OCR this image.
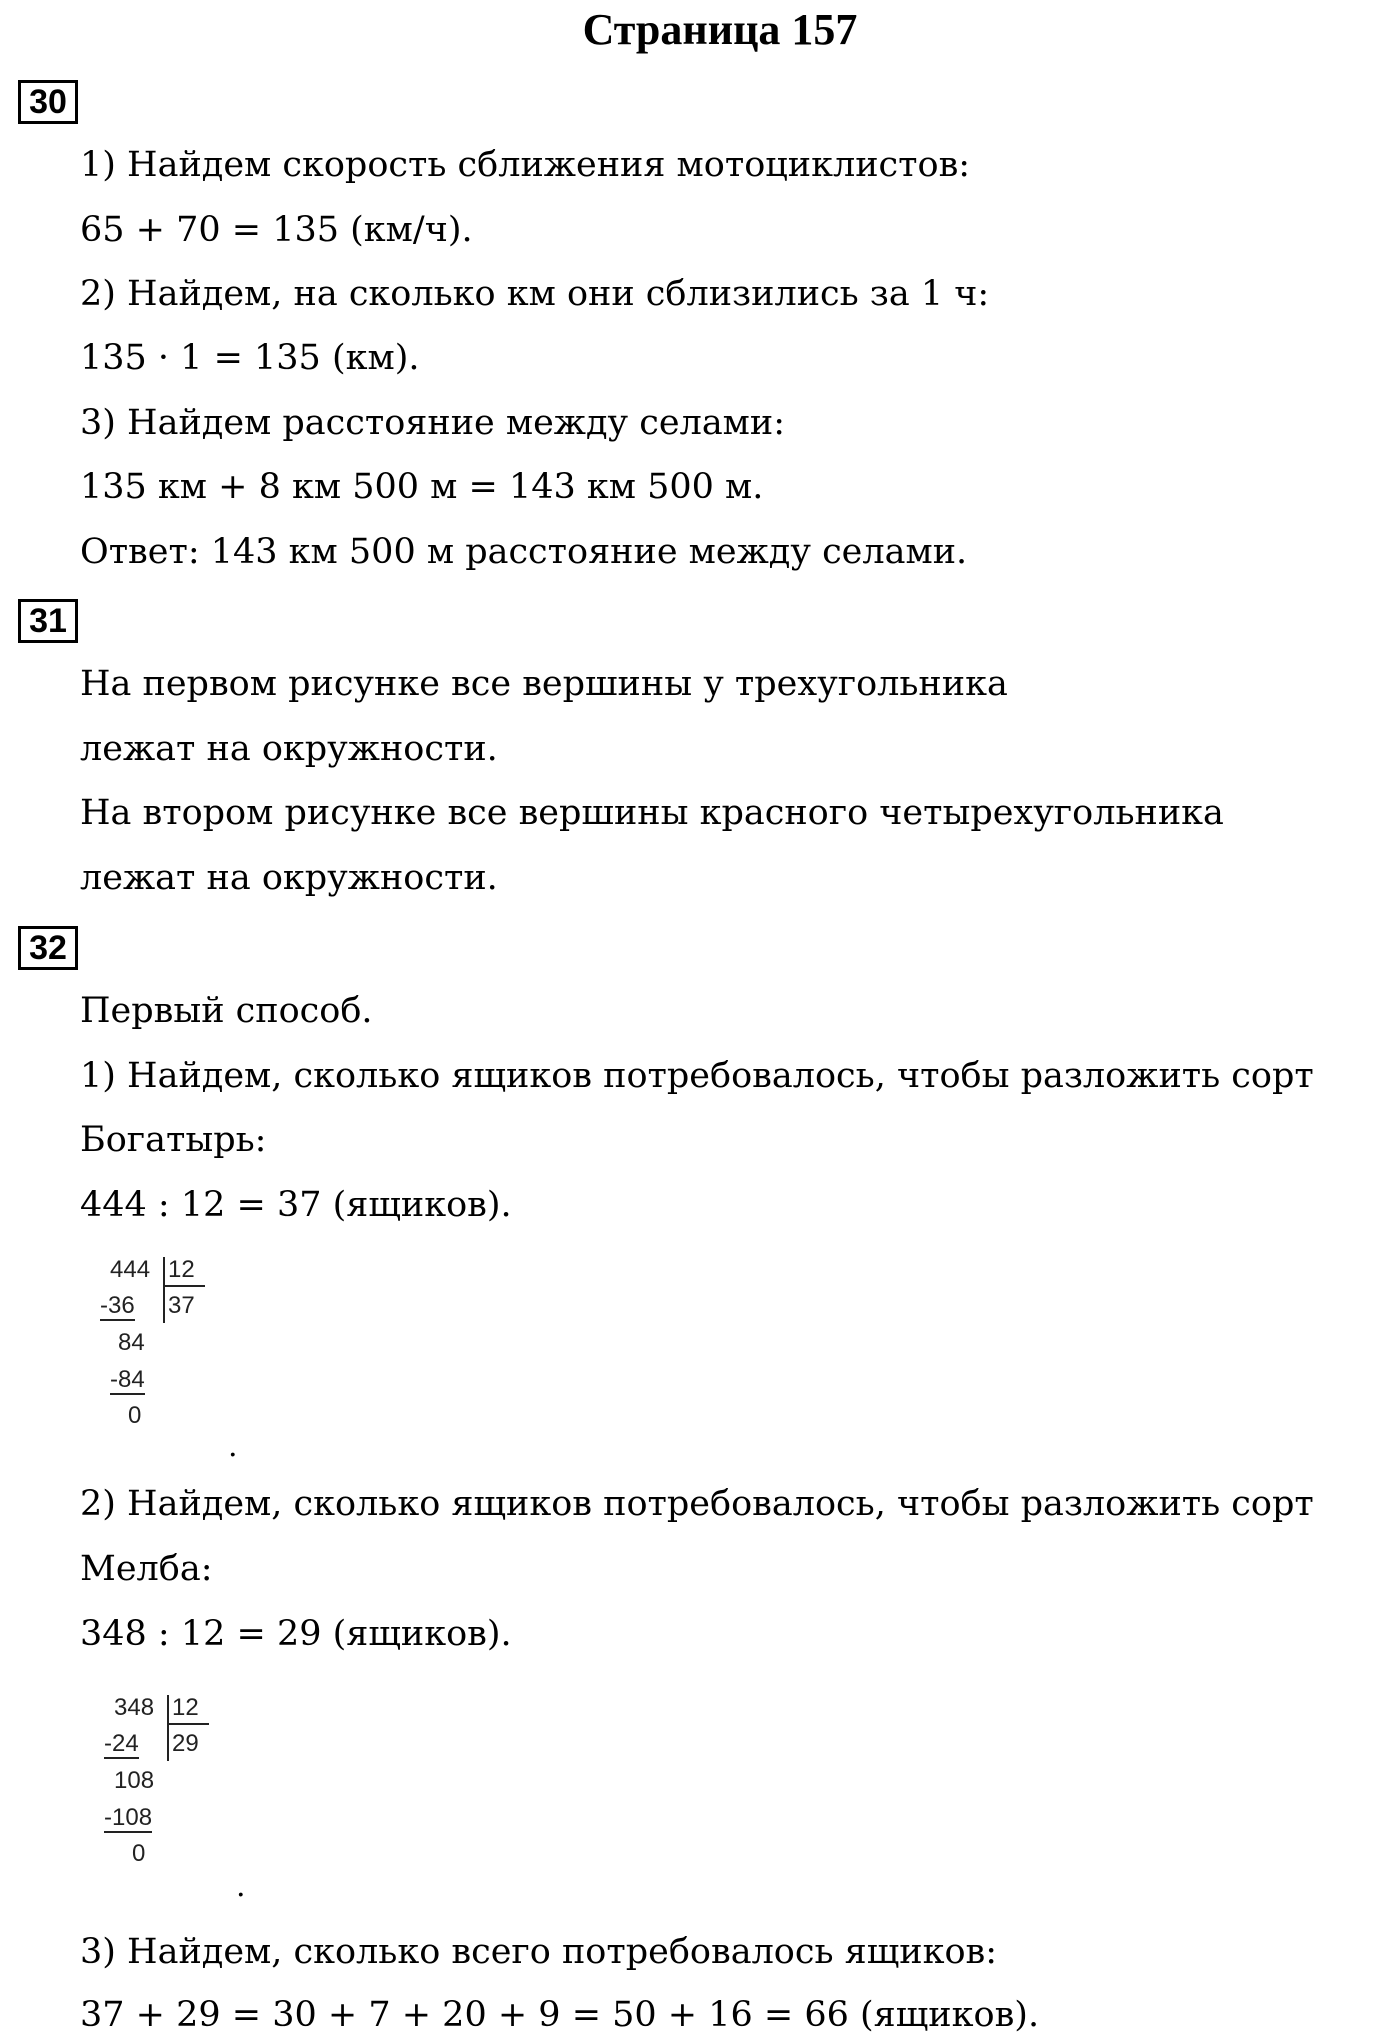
Страница 157
30
1) Найдем скорость сближения мотоциклистов:
65 + 70 = 135 (км/ч).
2) Найдем, на сколько км они сблизились за 1 ч:
135 · 1 = 135 (км).
3) Найдем расстояние между селами:
135 км + 8 км 500 м = 143 км 500 м.
Ответ: 143 км 500 м расстояние между селами.
31
На первом рисунке все вершины у трехугольника
лежат на окружности.
На втором рисунке все вершины красного четырехугольника
лежат на окружности.
32
Первый способ.
1) Найдем, сколько ящиков потребовалось, чтобы разложить сорт
Богатырь:
444 : 12 = 37 (ящиков).
444 12
37
-36
84
-84
0
.
2) Найдем, сколько ящиков потребовалось, чтобы разложить сорт
Мелба:
348 : 12 = 29 (ящиков).
348 12
29
-24
108
-108
0
.
3) Найдем, сколько всего потребовалось ящиков:
37 + 29 = 30 + 7 + 20 + 9 = 50 + 16 = 66 (ящиков).
